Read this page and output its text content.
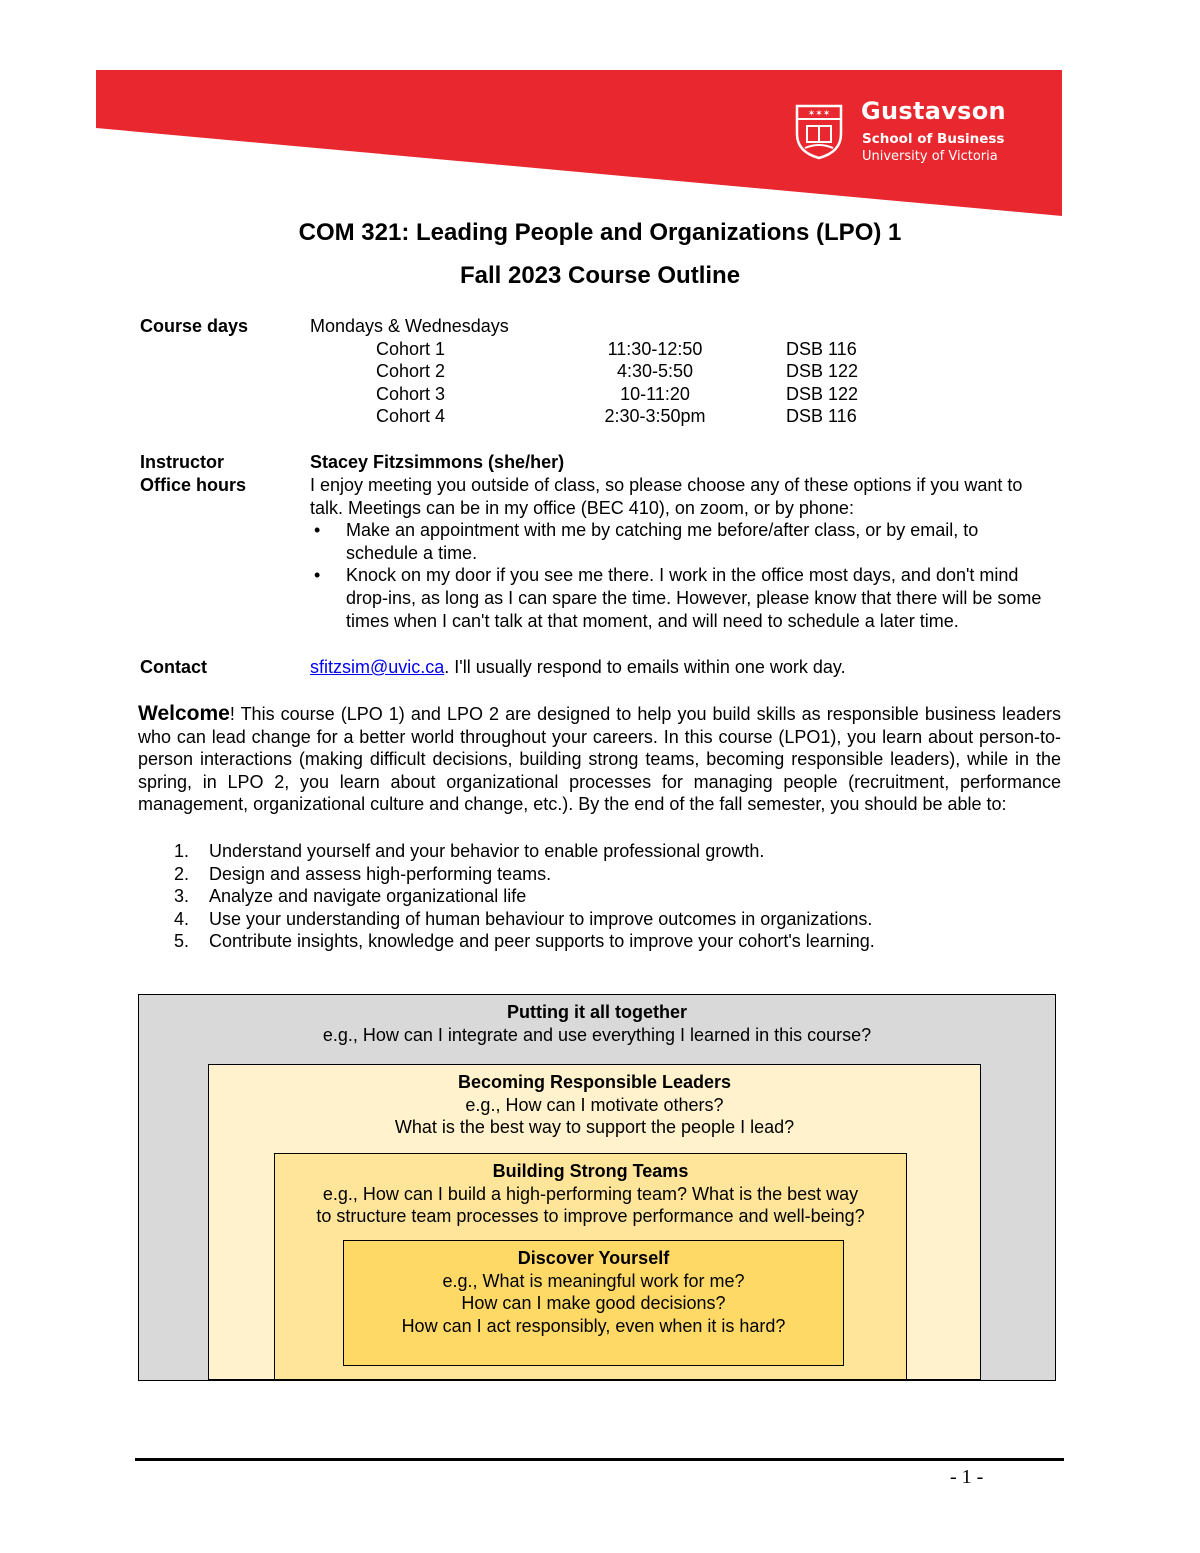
✶✶✶ Gustavson
School of Business
University of Victoria
COM 321: Leading People and Organizations (LPO) 1
Fall 2023 Course Outline
Course days	Mondays & Wednesdays
Cohort 1	11:30-12:50	DSB 116
Cohort 2	4:30-5:50	DSB 122
Cohort 3	10-11:20	DSB 122
Cohort 4	2:30-3:50pm	DSB 116
Instructor	Stacey Fitzsimmons (she/her)
Office hours	I enjoy meeting you outside of class, so please choose any of these options if you want to talk. Meetings can be in my office (BEC 410), on zoom, or by phone:

• Make an appointment with me by catching me before/after class, or by email, to schedule a time.
• Knock on my door if you see me there. I work in the office most days, and don't mind drop-ins, as long as I can spare the time. However, please know that there will be some times when I can't talk at that moment, and will need to schedule a later time.
Contact	sfitzsim@uvic.ca. I'll usually respond to emails within one work day.

Welcome! This course (LPO 1) and LPO 2 are designed to help you build skills as responsible business leaders who can lead change for a better world throughout your careers. In this course (LPO1), you learn about person-to-person interactions (making difficult decisions, building strong teams, becoming responsible leaders), while in the spring, in LPO 2, you learn about organizational processes for managing people (recruitment, performance management, organizational culture and change, etc.). By the end of the fall semester, you should be able to:

1. Understand yourself and your behavior to enable professional growth.
2. Design and assess high-performing teams.
3. Analyze and navigate organizational life
4. Use your understanding of human behaviour to improve outcomes in organizations.
5. Contribute insights, knowledge and peer supports to improve your cohort's learning.
Putting it all together
e.g., How can I integrate and use everything I learned in this course?
Becoming Responsible Leaders
e.g., How can I motivate others?
What is the best way to support the people I lead?
Building Strong Teams
e.g., How can I build a high-performing team? What is the best way
to structure team processes to improve performance and well-being?
Discover Yourself
e.g., What is meaningful work for me?
How can I make good decisions?
How can I act responsibly, even when it is hard?
- 1 -
